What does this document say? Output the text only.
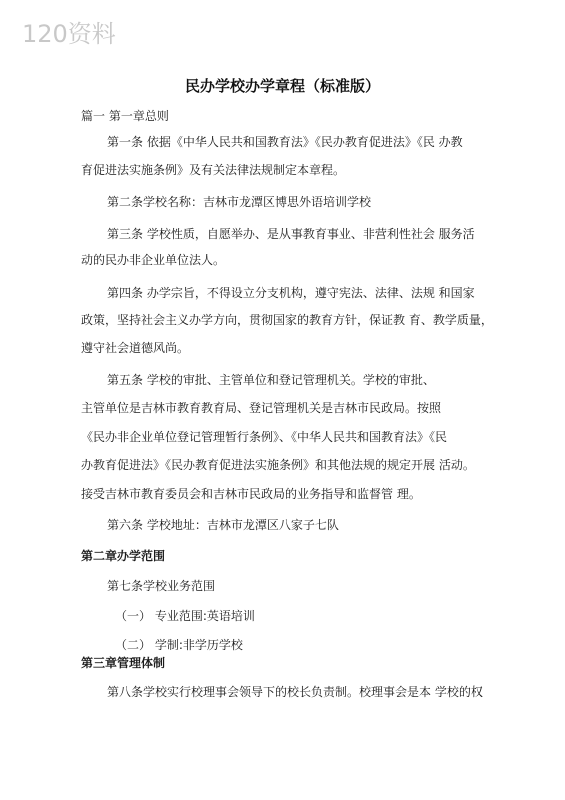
120资料
民办学校办学章程（标准版）
篇一 第一章总则
第一条 依据《中华人民共和国教育法》《民办教育促进法》《民 办教
育促进法实施条例》及有关法律法规制定本章程。
第二条学校名称：吉林市龙潭区博思外语培训学校
第三条 学校性质，自愿举办、是从事教育事业、非营利性社会 服务活
动的民办非企业单位法人。
第四条 办学宗旨，不得设立分支机构，遵守宪法、法律、法规 和国家
政策，坚持社会主义办学方向，贯彻国家的教育方针，保证教 育、教学质量，
遵守社会道德风尚。
第五条 学校的审批、主管单位和登记管理机关。学校的审批、
主管单位是吉林市教育教育局、登记管理机关是吉林市民政局。按照
《民办非企业单位登记管理暂行条例》、《中华人民共和国教育法》《民
办教育促进法》《民办教育促进法实施条例》和其他法规的规定开展 活动。
接受吉林市教育委员会和吉林市民政局的业务指导和监督管 理。
第六条 学校地址：吉林市龙潭区八家子七队
第二章办学范围
第七条学校业务范围
（一） 专业范围:英语培训
（二） 学制:非学历学校
第三章管理体制
第八条学校实行校理事会领导下的校长负责制。校理事会是本 学校的权
